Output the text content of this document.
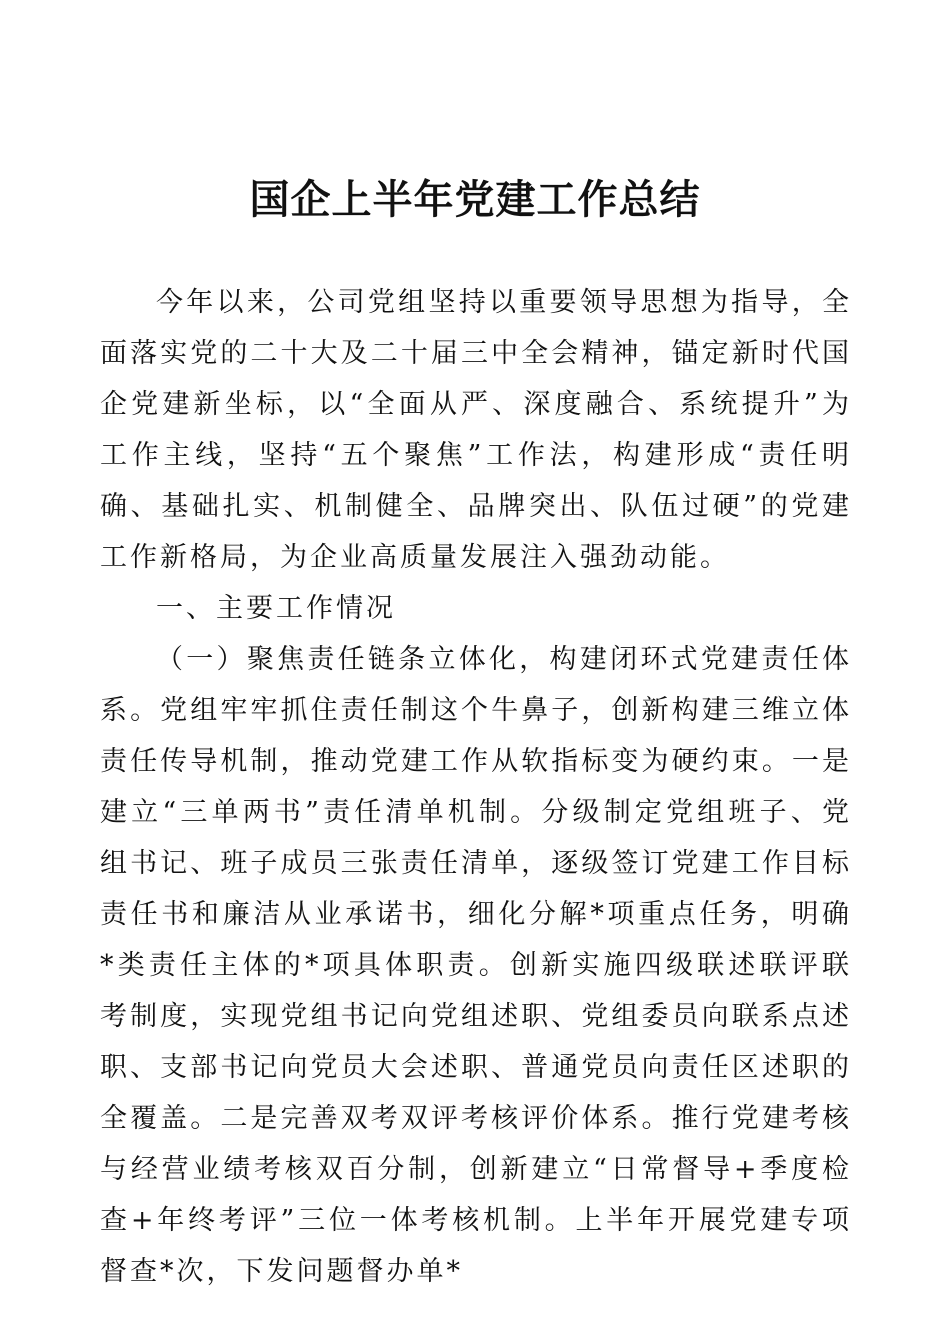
国企上半年党建工作总结

今年以来，公司党组坚持以重要领导思想为指导，全面落实党的二十大及二十届三中全会精神，锚定新时代国企党建新坐标，以“全面从严、深度融合、系统提升”为工作主线，坚持“五个聚焦”工作法，构建形成“责任明确、基础扎实、机制健全、品牌突出、队伍过硬”的党建工作新格局，为企业高质量发展注入强劲动能。

一、主要工作情况

（一）聚焦责任链条立体化，构建闭环式党建责任体系。党组牢牢抓住责任制这个牛鼻子，创新构建三维立体责任传导机制，推动党建工作从软指标变为硬约束。一是建立“三单两书”责任清单机制。分级制定党组班子、党组书记、班子成员三张责任清单，逐级签订党建工作目标责任书和廉洁从业承诺书，细化分解*项重点任务，明确*类责任主体的*项具体职责。创新实施四级联述联评联考制度，实现党组书记向党组述职、党组委员向联系点述职、支部书记向党员大会述职、普通党员向责任区述职的全覆盖。二是完善双考双评考核评价体系。推行党建考核与经营业绩考核双百分制，创新建立“日常督导+季度检查+年终考评”三位一体考核机制。上半年开展党建专项督查*次，下发问题督办单*
